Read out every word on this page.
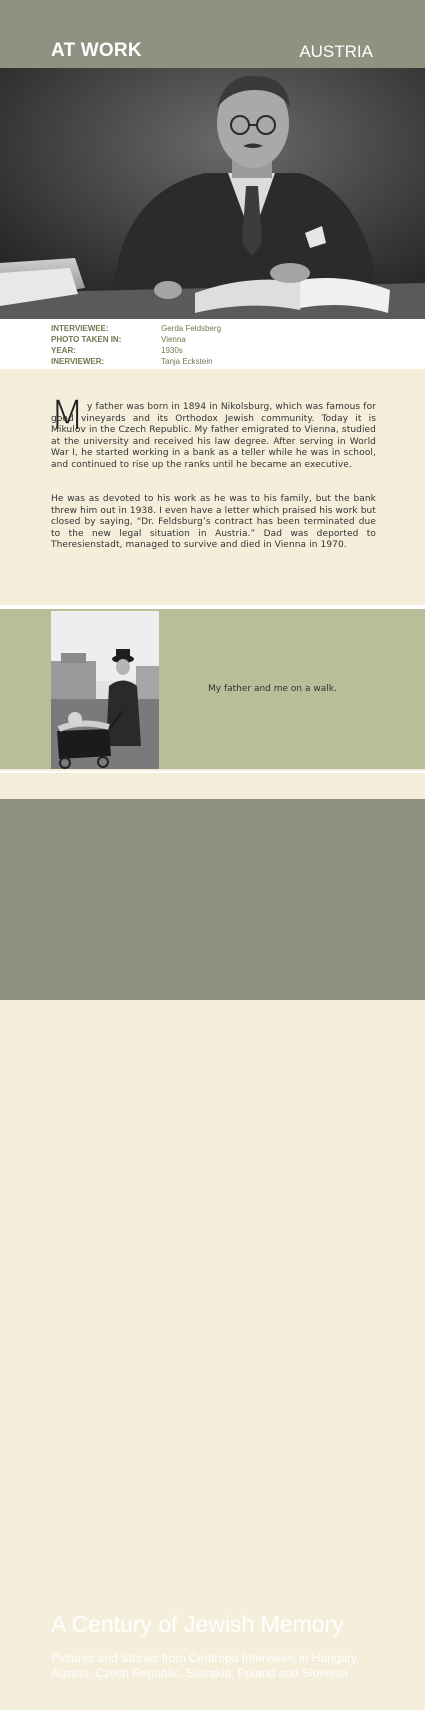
AT WORK	AUSTRIA
INTERVIEWEE:	Gerda Feldsberg
PHOTO TAKEN IN:	Vienna
YEAR:	1930s
INERVIEWER:	Tanja Eckstein
M y father was born in 1894 in Nikolsburg, which was famous for good vineyards and its Orthodox Jewish community. Today it is Mikulov in the Czech Republic. My father emigrated to Vienna, studied at the university and received his law degree. After serving in World War I, he started working in a bank as a teller while he was in school, and continued to rise up the ranks until he became an executive.
He was as devoted to his work as he was to his family, but the bank threw him out in 1938. I even have a letter which praised his work but closed by saying, “Dr. Feldsburg’s contract has been terminated due to the new legal situation in Austria.” Dad was deported to Theresienstadt, managed to survive and died in Vienna in 1970.
My father and me on a walk.
A Century of Jewish Memory
Pictures and Stories from Centropa Interviews in Hungary, Austria, Czech Republic, Slovakia, Poland and Slovenia
www.centropa.org
